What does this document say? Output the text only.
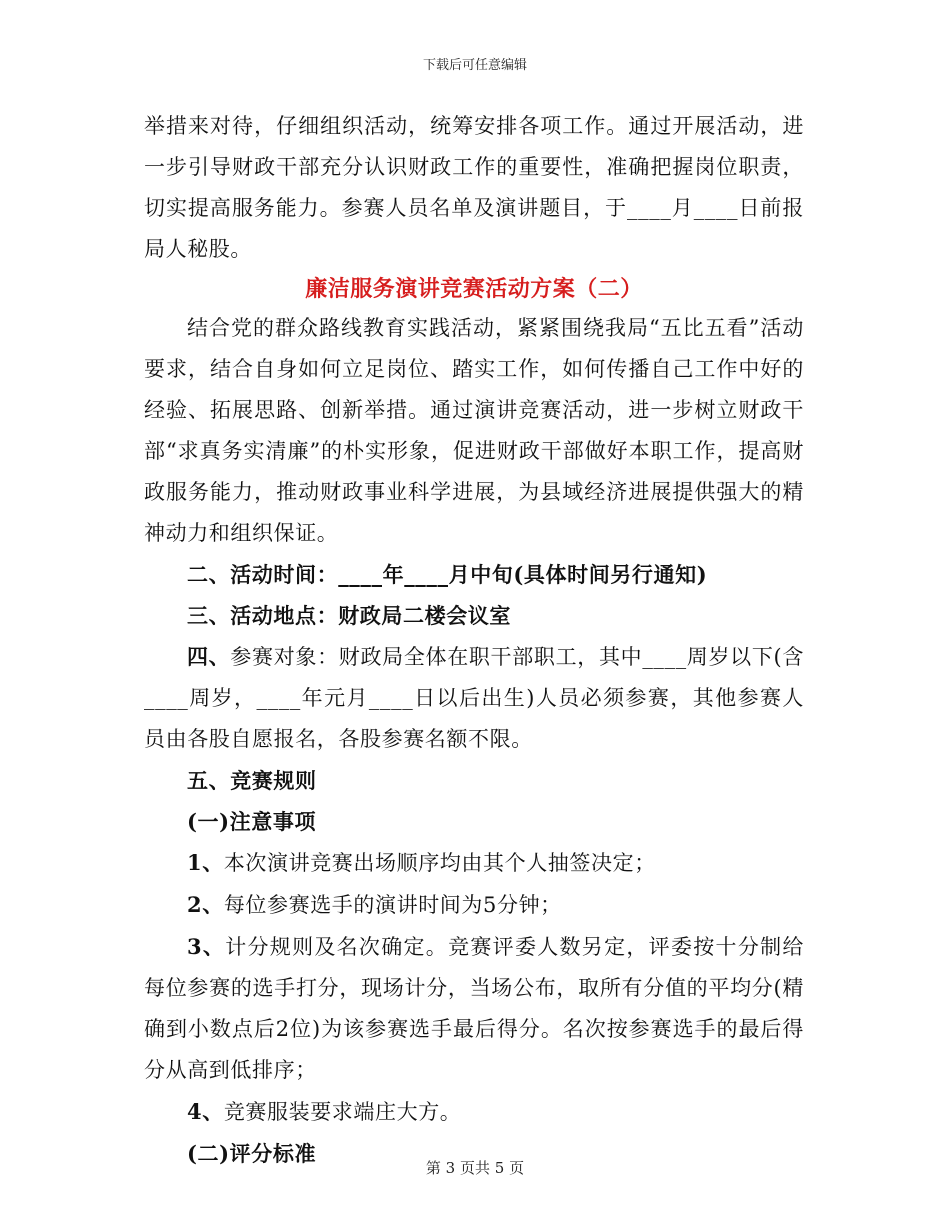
下载后可任意编辑

举措来对待，仔细组织活动，统筹安排各项工作。通过开展活动，进一步引导财政干部充分认识财政工作的重要性，准确把握岗位职责，切实提高服务能力。参赛人员名单及演讲题目，于____月____日前报局人秘股。

廉洁服务演讲竞赛活动方案（二）

结合党的群众路线教育实践活动，紧紧围绕我局“五比五看”活动要求，结合自身如何立足岗位、踏实工作，如何传播自己工作中好的经验、拓展思路、创新举措。通过演讲竞赛活动，进一步树立财政干部“求真务实清廉”的朴实形象，促进财政干部做好本职工作，提高财政服务能力，推动财政事业科学进展，为县域经济进展提供强大的精神动力和组织保证。

二、活动时间：____年____月中旬(具体时间另行通知)

三、活动地点：财政局二楼会议室

四、参赛对象：财政局全体在职干部职工，其中____周岁以下(含____周岁，____年元月____日以后出生)人员必须参赛，其他参赛人员由各股自愿报名，各股参赛名额不限。

五、竞赛规则

(一)注意事项

1、本次演讲竞赛出场顺序均由其个人抽签决定；

2、每位参赛选手的演讲时间为5分钟；

3、计分规则及名次确定。竞赛评委人数另定，评委按十分制给每位参赛的选手打分，现场计分，当场公布，取所有分值的平均分(精确到小数点后2位)为该参赛选手最后得分。名次按参赛选手的最后得分从高到低排序；

4、竞赛服装要求端庄大方。

(二)评分标准

第 3 页共 5 页
